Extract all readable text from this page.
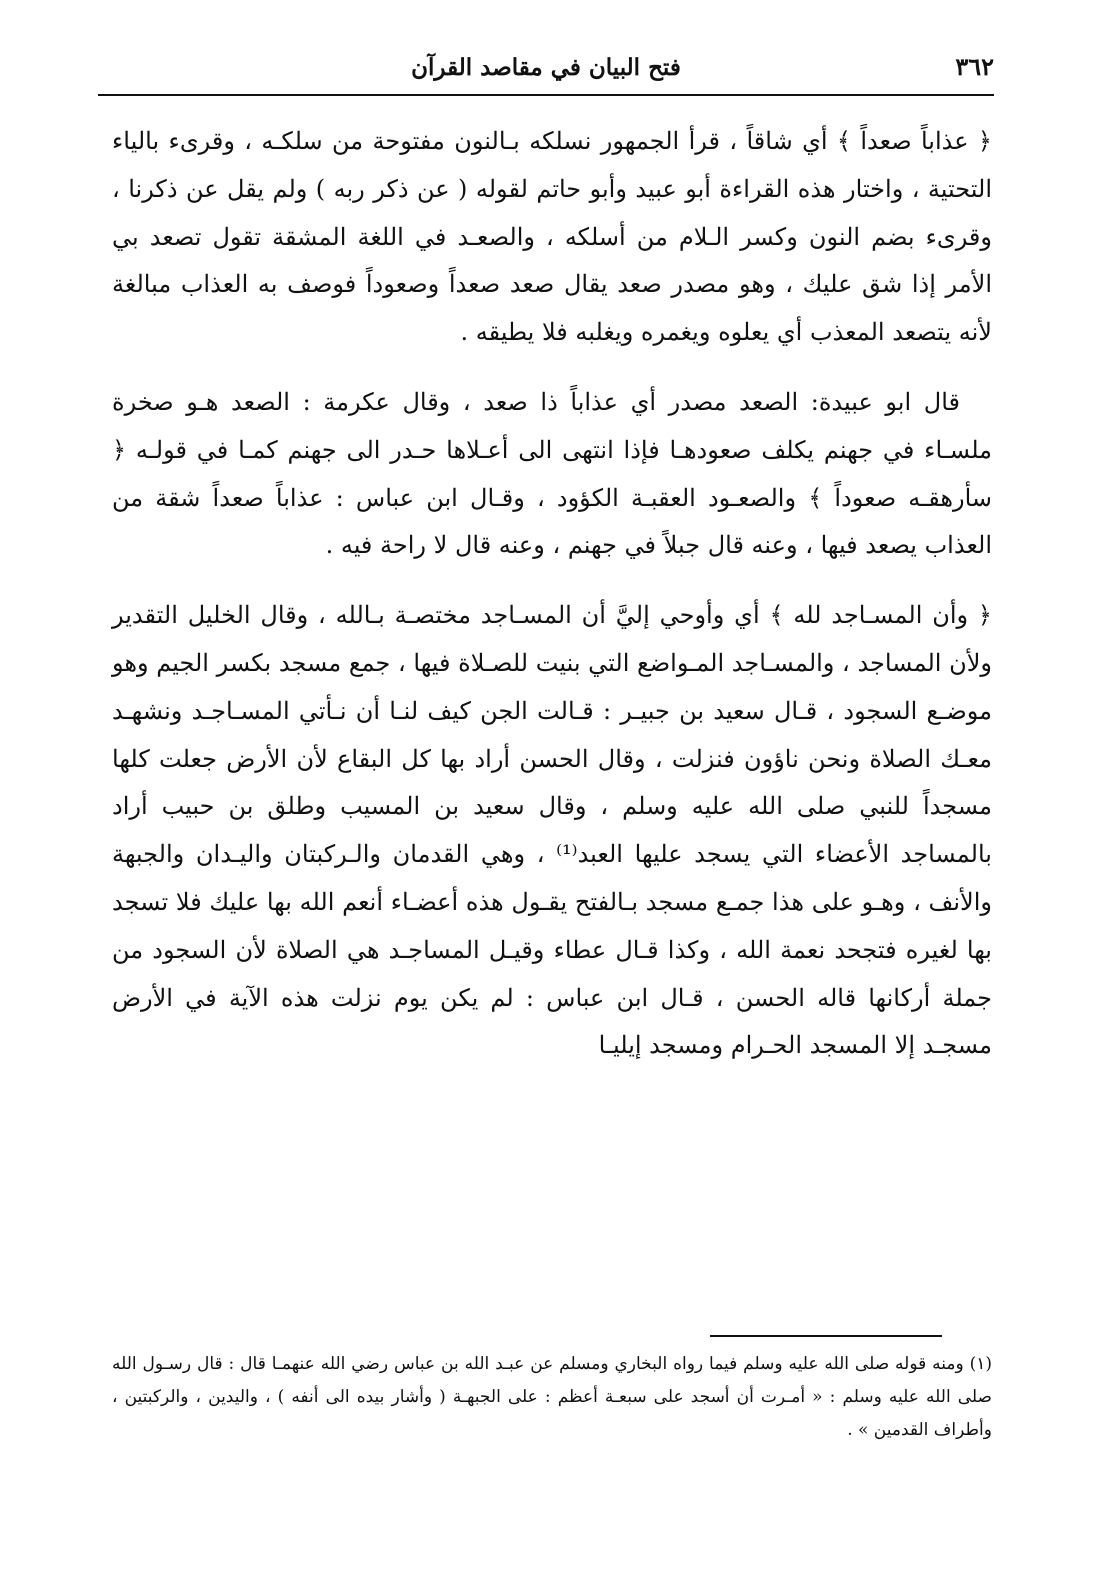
٣٦٢
فتح البيان في مقاصد القرآن

﴿ عذاباً صعداً ﴾ أي شاقاً ، قرأ الجمهور نسلكه بـالنون مفتوحة من سلكـه ، وقرىء بالياء التحتية ، واختار هذه القراءة أبو عبيد وأبو حاتم لقوله ( عن ذكر ربه ) ولم يقل عن ذكرنا ، وقرىء بضم النون وكسر الـلام من أسلكه ، والصعـد في اللغة المشقة تقول تصعد بي الأمر إذا شق عليك ، وهو مصدر صعد يقال صعد صعداً وصعوداً فوصف به العذاب مبالغة لأنه يتصعد المعذب أي يعلوه ويغمره ويغلبه فلا يطيقه .

قال ابو عبيدة: الصعد مصدر أي عذاباً ذا صعد ، وقال عكرمة : الصعد هـو صخرة ملسـاء في جهنم يكلف صعودهـا فإذا انتهى الى أعـلاها حـدر الى جهنم كمـا في قولـه ﴿ سأرهقـه صعوداً ﴾ والصعـود العقبـة الكؤود ، وقـال ابن عباس : عذاباً صعداً شقة من العذاب يصعد فيها ، وعنه قال جبلاً في جهنم ، وعنه قال لا راحة فيه .

﴿ وأن المسـاجد لله ﴾ أي وأوحي إليَّ أن المسـاجد مختصـة بـالله ، وقال الخليل التقدير ولأن المساجد ، والمسـاجد المـواضع التي بنيت للصـلاة فيها ، جمع مسجد بكسر الجيم وهو موضـع السجود ، قـال سعيد بن جبيـر : قـالت الجن كيف لنـا أن نـأتي المسـاجـد ونشهـد معـك الصلاة ونحن ناؤون فنزلت ، وقال الحسن أراد بها كل البقاع لأن الأرض جعلت كلها مسجداً للنبي صلى الله عليه وسلم ، وقال سعيد بن المسيب وطلق بن حبيب أراد بالمساجد الأعضاء التي يسجد عليها العبد⁽¹⁾ ، وهي القدمان والـركبتان واليـدان والجبهة والأنف ، وهـو على هذا جمـع مسجد بـالفتح يقـول هذه أعضـاء أنعم الله بها عليك فلا تسجد بها لغيره فتجحد نعمة الله ، وكذا قـال عطاء وقيـل المساجـد هي الصلاة لأن السجود من جملة أركانها قاله الحسن ، قـال ابن عباس : لم يكن يوم نزلت هذه الآية في الأرض مسجـد إلا المسجد الحـرام ومسجد إيليـا

(١) ومنه قوله صلى الله عليه وسلم فيما رواه البخاري ومسلم عن عبـد الله بن عباس رضي الله عنهمـا قال : قال رسـول الله صلى الله عليه وسلم : « أمـرت أن أسجد على سبعـة أعظم : على الجبهـة ( وأشار بيده الى أنفه ) ، واليدين ، والركبتين ، وأطراف القدمين » .
